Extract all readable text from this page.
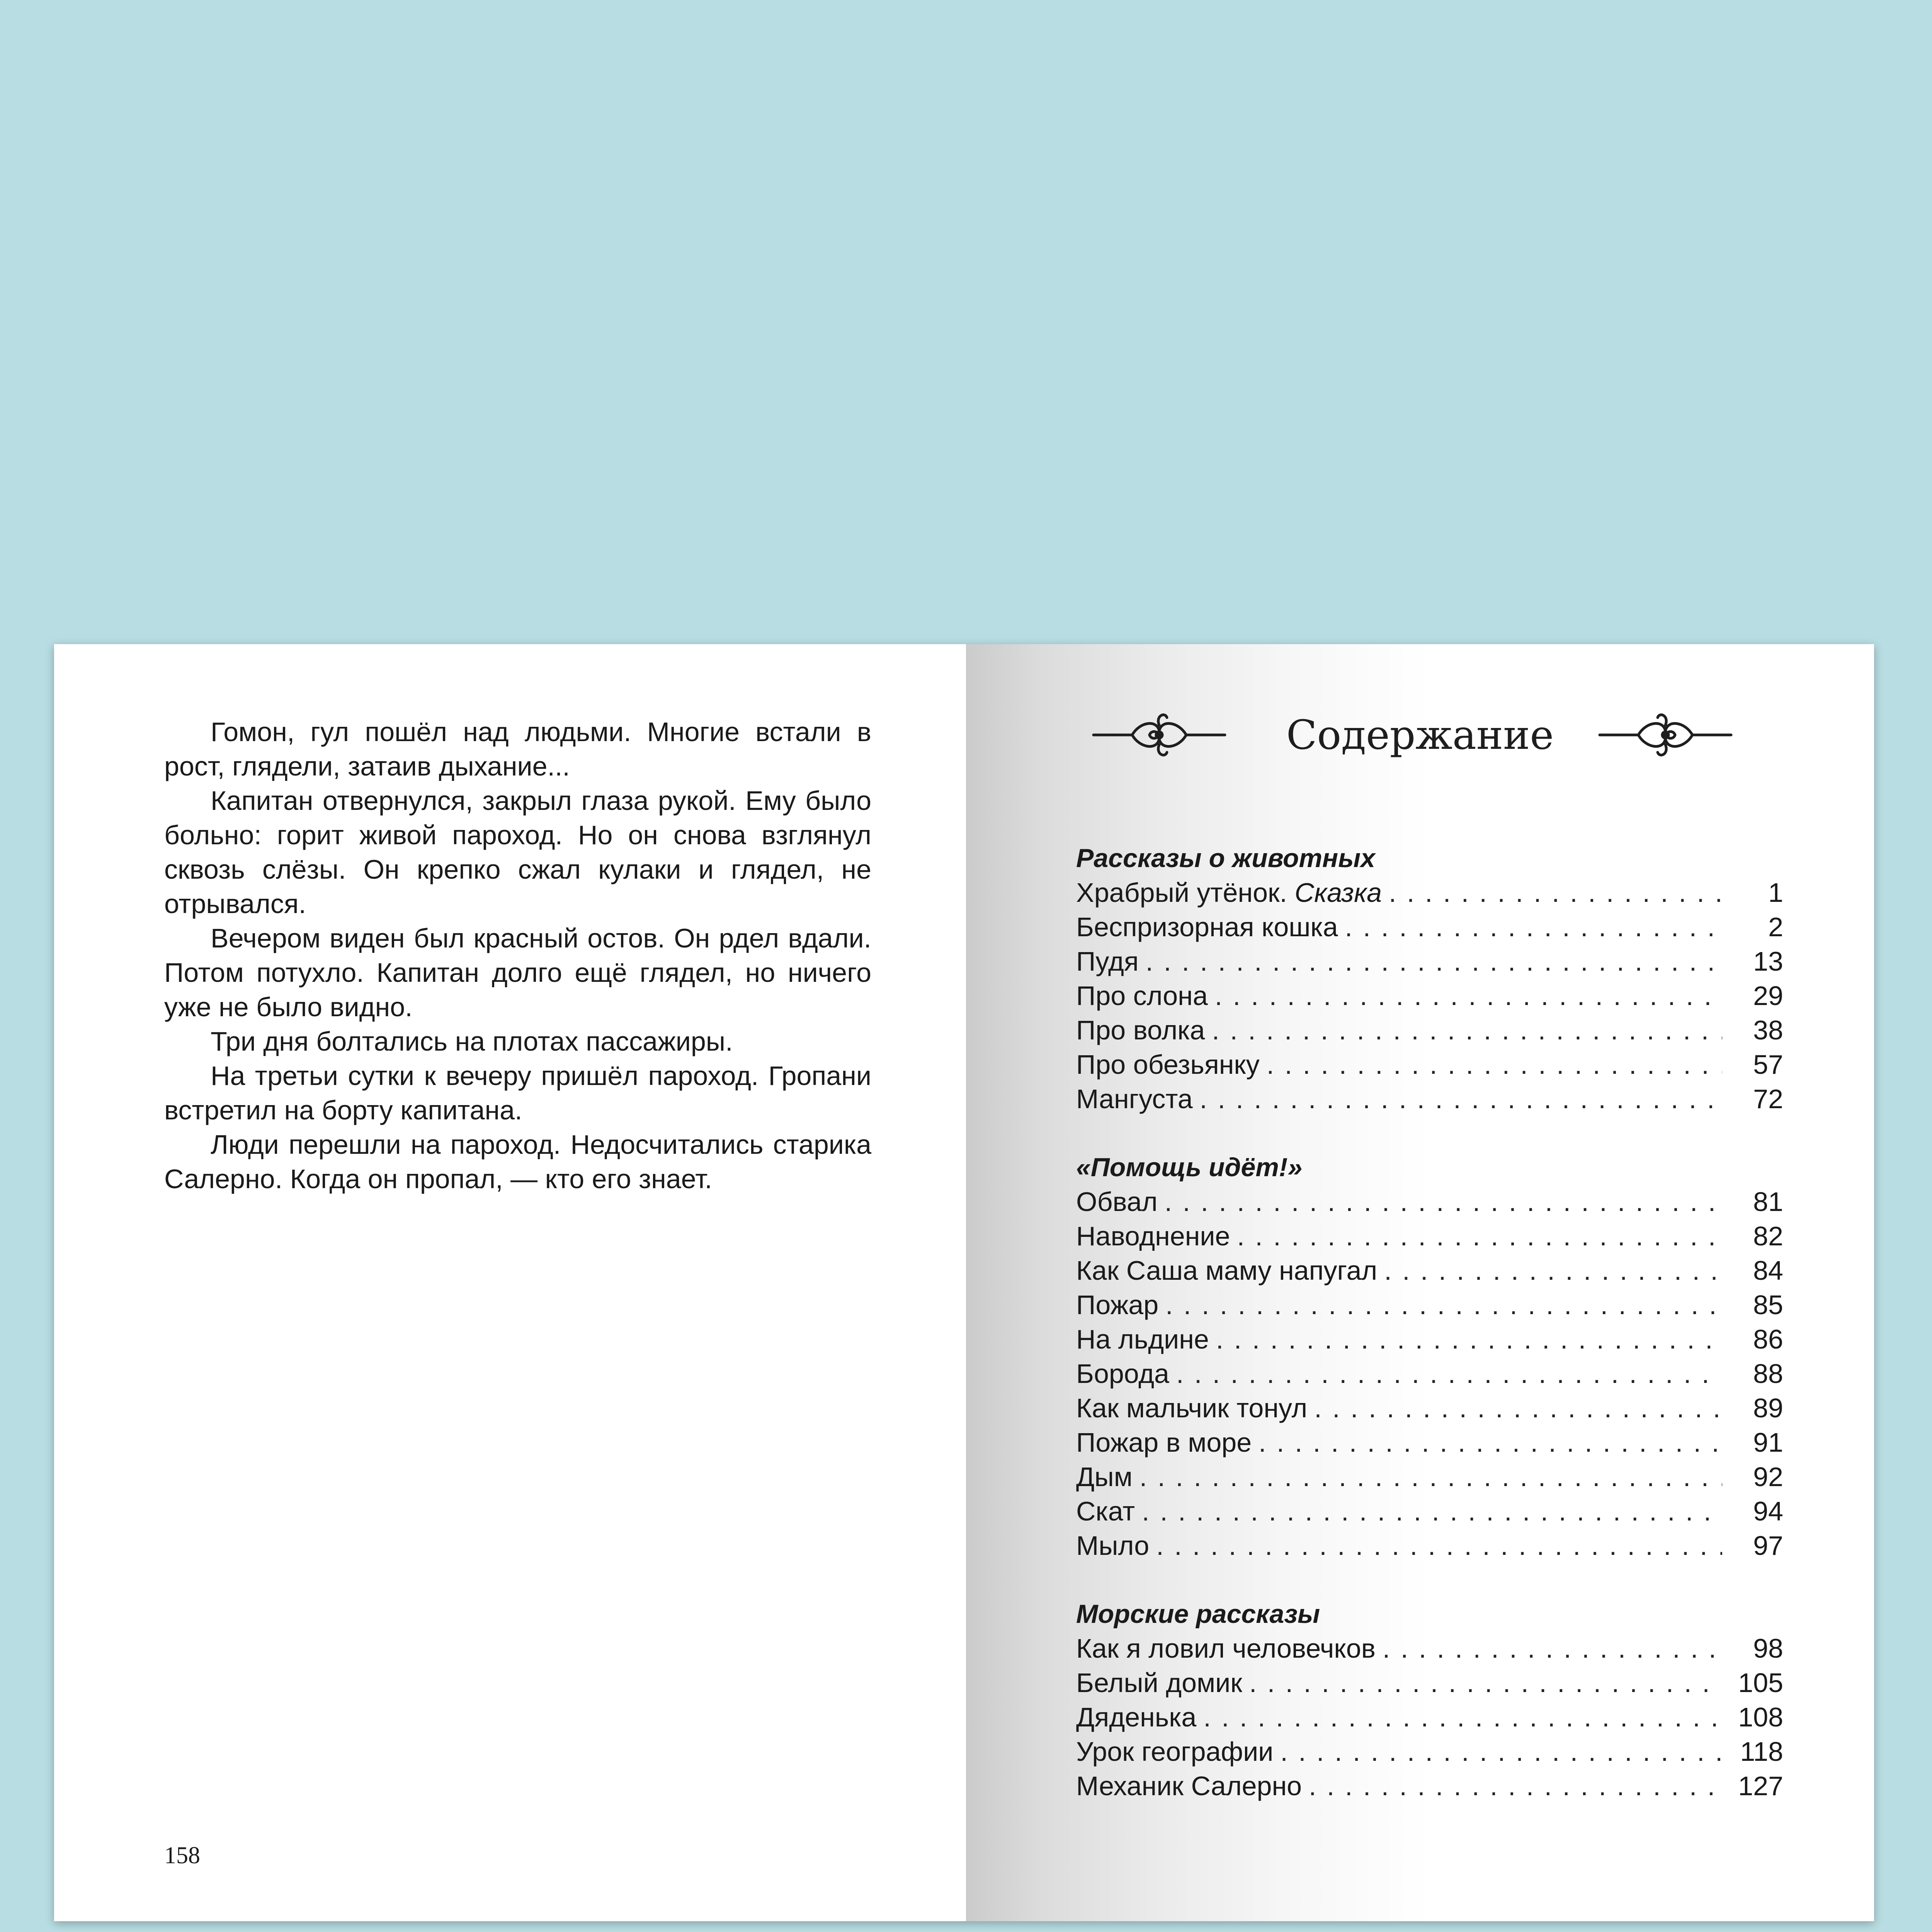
Гомон, гул пошёл над людьми. Многие встали в рост, глядели, затаив дыхание...

Капитан отвернулся, закрыл глаза рукой. Ему было больно: горит живой пароход. Но он снова взглянул сквозь слёзы. Он крепко сжал кулаки и глядел, не отрывался.

Вечером виден был красный остов. Он рдел вдали. Потом потухло. Капитан долго ещё глядел, но ничего уже не было видно.

Три дня болтались на плотах пассажиры.

На третьи сутки к вечеру пришёл пароход. Гропани встретил на борту капитана.

Люди перешли на пароход. Недосчитались старика Салерно. Когда он пропал, — кто его знает.

158
Содержание
Рассказы о животных
Храбрый утёнок. Сказка . . .	1
Беспризорная кошка . . .	2
Пудя . . .	13
Про слона . . .	29
Про волка . . .	38
Про обезьянку . . .	57
Мангуста . . .	72
«Помощь идёт!»
Обвал . . .	81
Наводнение . . .	82
Как Саша маму напугал . . .	84
Пожар . . .	85
На льдине . . .	86
Борода . . .	88
Как мальчик тонул . . .	89
Пожар в море . . .	91
Дым . . .	92
Скат . . .	94
Мыло . . .	97
Морские рассказы
Как я ловил человечков . . .	98
Белый домик . . .	105
Дяденька . . .	108
Урок географии . . .	118
Механик Салерно . . .	127
